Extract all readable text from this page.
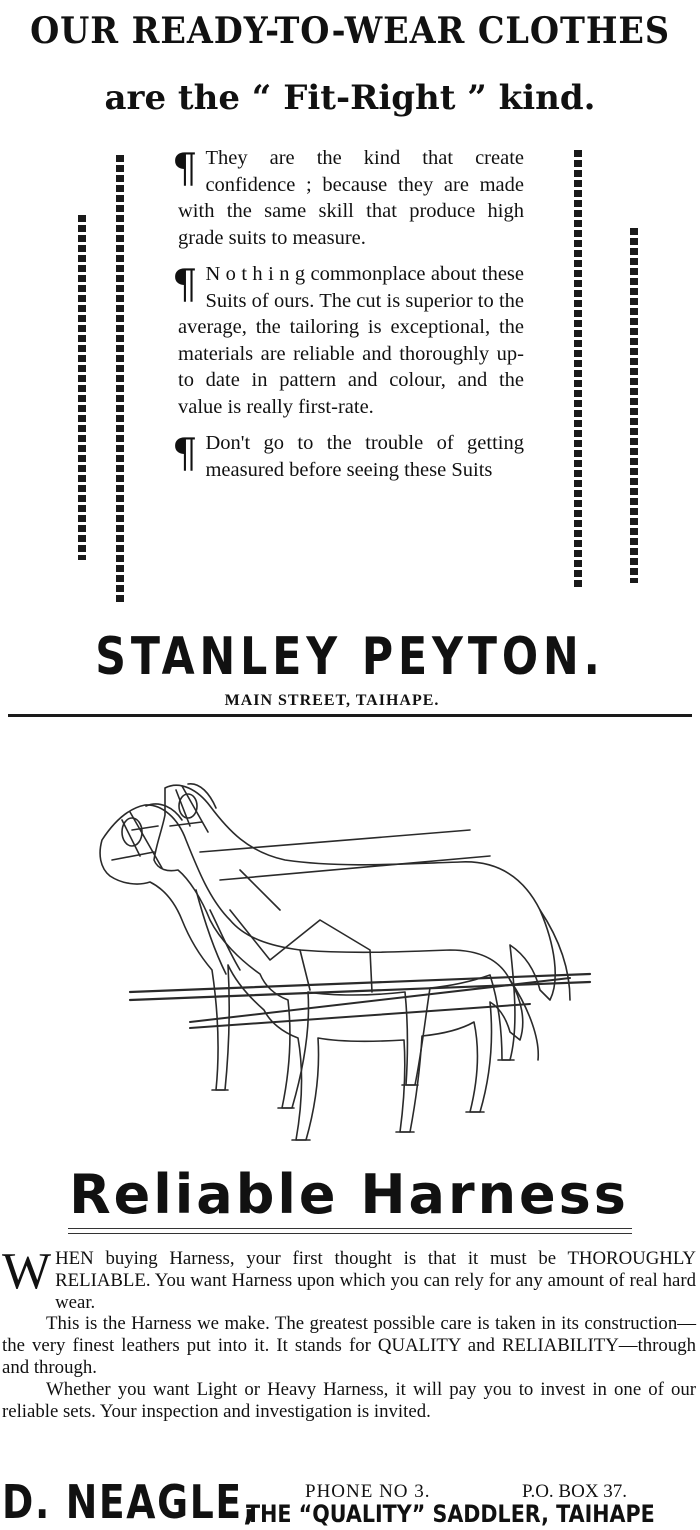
OUR READY-TO-WEAR CLOTHES
are the “ Fit-Right ” kind.

¶ They are the kind that create confidence ; because they are made with the same skill that produce high grade suits to measure.

¶ N o t h i n g commonplace about these Suits of ours. The cut is superior to the average, the tailoring is exceptional, the materials are reliable and thoroughly up-to date in pattern and colour, and the value is really first-rate.

¶ Don't go to the trouble of getting measured before seeing these Suits

STANLEY PEYTON.
MAIN STREET, TAIHAPE.
Reliable Harness

W HEN buying Harness, your first thought is that it must be THOROUGHLY RELIABLE. You want Harness upon which you can rely for any amount of real hard wear.

This is the Harness we make. The greatest possible care is taken in its construction—the very finest leathers put into it. It stands for QUALITY and RELIABILITY—through and through.

Whether you want Light or Heavy Harness, it will pay you to invest in one of our reliable sets. Your inspection and investigation is invited.

D. NEAGLE, PHONE NO 3.	P.O. BOX 37.
THE “QUALITY” SADDLER, TAIHAPE
